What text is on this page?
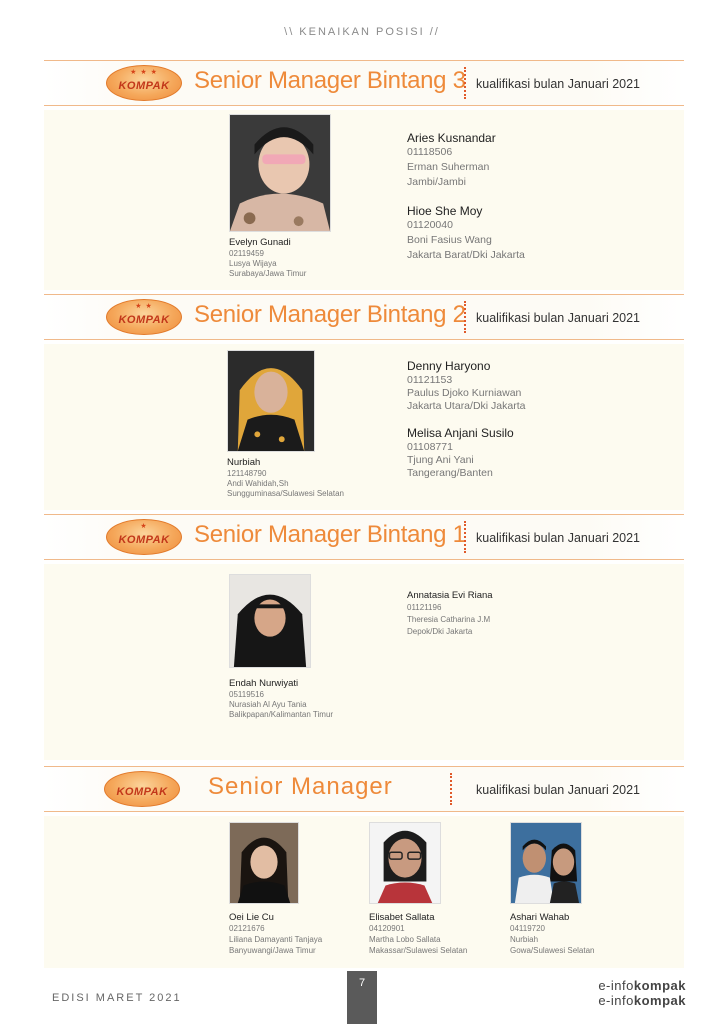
\\ KENAIKAN POSISI //
★ ★ ★
KOMPAK	Senior Manager Bintang 3 kualifikasi bulan Januari 2021
Evelyn Gunadi
02119459
Lusya Wijaya
Surabaya/Jawa Timur
Aries Kusnandar
01118506
Erman Suherman
Jambi/Jambi
Hioe She Moy
01120040
Boni Fasius Wang
Jakarta Barat/Dki Jakarta
★ ★
KOMPAK	Senior Manager Bintang 2 kualifikasi bulan Januari 2021
Nurbiah
121148790
Andi Wahidah,Sh
Sungguminasa/Sulawesi Selatan
Denny Haryono
01121153
Paulus Djoko Kurniawan
Jakarta Utara/Dki Jakarta
Melisa Anjani Susilo
01108771
Tjung Ani Yani
Tangerang/Banten
★
KOMPAK	Senior Manager Bintang 1 kualifikasi bulan Januari 2021
Endah Nurwiyati
05119516
Nurasiah Al Ayu Tania
Balikpapan/Kalimantan Timur
Annatasia Evi Riana
01121196
Theresia Catharina J.M
Depok/Dki Jakarta
KOMPAK	Senior Manager	kualifikasi bulan Januari 2021
Oei Lie Cu
02121676
Liliana Damayanti Tanjaya
Banyuwangi/Jawa Timur
Elisabet Sallata
04120901
Martha Lobo Sallata
Makassar/Sulawesi Selatan
Ashari Wahab
04119720
Nurbiah
Gowa/Sulawesi Selatan
EDISI MARET 2021
7	e-infokompak
e-infokompak
